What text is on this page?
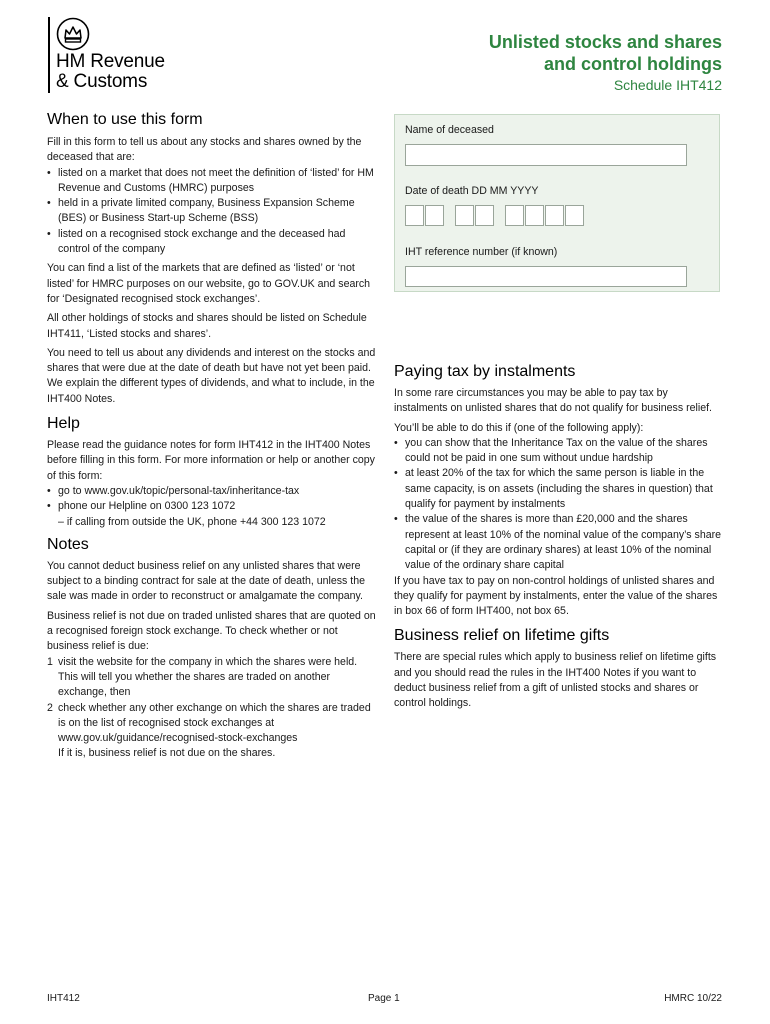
HM Revenue
& Customs
Unlisted stocks and shares
and control holdings
Schedule IHT412
Name of deceased
Date of death DD MM YYYY
IHT reference number (if known)
When to use this form

Fill in this form to tell us about any stocks and shares owned by the deceased that are:

• listed on a market that does not meet the definition of ‘listed’ for HM Revenue and Customs (HMRC) purposes
• held in a private limited company, Business Expansion Scheme (BES) or Business Start-up Scheme (BSS)
• listed on a recognised stock exchange and the deceased had control of the company

You can find a list of the markets that are defined as ‘listed’ or ‘not listed’ for HMRC purposes on our website, go to GOV.UK and search for ‘Designated recognised stock exchanges’.

All other holdings of stocks and shares should be listed on Schedule IHT411, ‘Listed stocks and shares’.

You need to tell us about any dividends and interest on the stocks and shares that were due at the date of death but have not yet been paid. We explain the different types of dividends, and what to include, in the IHT400 Notes.

Help

Please read the guidance notes for form IHT412 in the IHT400 Notes before filling in this form. For more information or help or another copy of this form:

• go to www.gov.uk/topic/personal-tax/inheritance-tax
• phone our Helpline on 0300 123 1072
– if calling from outside the UK, phone +44 300 123 1072
Notes

You cannot deduct business relief on any unlisted shares that were subject to a binding contract for sale at the date of death, unless the sale was made in order to reconstruct or amalgamate the company.

Business relief is not due on traded unlisted shares that are quoted on a recognised foreign stock exchange. To check whether or not business relief is due:

1 visit the website for the company in which the shares were held. This will tell you whether the shares are traded on another exchange, then
2 check whether any other exchange on which the shares are traded is on the list of recognised stock exchanges at www.gov.uk/guidance/recognised-stock-exchanges
If it is, business relief is not due on the shares.
Paying tax by instalments

In some rare circumstances you may be able to pay tax by instalments on unlisted shares that do not qualify for business relief.

You’ll be able to do this if (one of the following apply):

• you can show that the Inheritance Tax on the value of the shares could not be paid in one sum without undue hardship
• at least 20% of the tax for which the same person is liable in the same capacity, is on assets (including the shares in question) that qualify for payment by instalments
• the value of the shares is more than £20,000 and the shares represent at least 10% of the nominal value of the company’s share capital or (if they are ordinary shares) at least 10% of the nominal value of the ordinary share capital

If you have tax to pay on non-control holdings of unlisted shares and they qualify for payment by instalments, enter the value of the shares in box 66 of form IHT400, not box 65.

Business relief on lifetime gifts

There are special rules which apply to business relief on lifetime gifts and you should read the rules in the IHT400 Notes if you want to deduct business relief from a gift of unlisted stocks and shares or control holdings.

IHT412	Page 1	HMRC 10/22
